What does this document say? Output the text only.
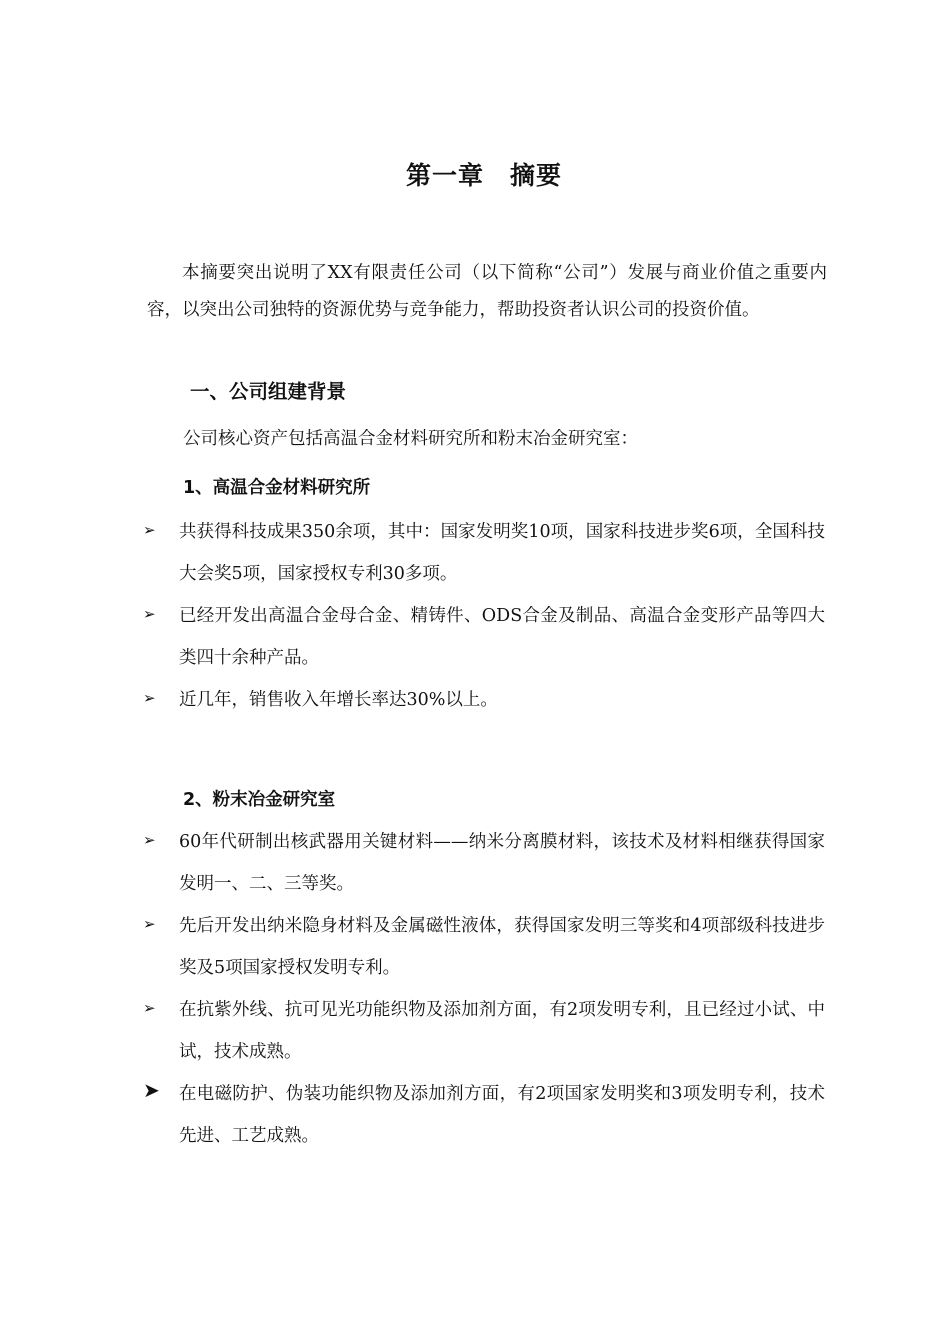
第一章　摘要
本摘要突出说明了XX有限责任公司（以下简称“公司”）发展与商业价值之重要内容，以突出公司独特的资源优势与竞争能力，帮助投资者认识公司的投资价值。
一、公司组建背景
公司核心资产包括高温合金材料研究所和粉末冶金研究室：
1、高温合金材料研究所
➢ 共获得科技成果350余项，其中：国家发明奖10项，国家科技进步奖6项，全国科技大会奖5项，国家授权专利30多项。
➢ 已经开发出高温合金母合金、精铸件、ODS合金及制品、高温合金变形产品等四大类四十余种产品。
➢ 近几年，销售收入年增长率达30%以上。
2、粉末冶金研究室
➢ 60年代研制出核武器用关键材料——纳米分离膜材料，该技术及材料相继获得国家发明一、二、三等奖。
➢ 先后开发出纳米隐身材料及金属磁性液体，获得国家发明三等奖和4项部级科技进步奖及5项国家授权发明专利。
➢ 在抗紫外线、抗可见光功能织物及添加剂方面，有2项发明专利，且已经过小试、中试，技术成熟。
➤ 在电磁防护、伪装功能织物及添加剂方面，有2项国家发明奖和3项发明专利，技术先进、工艺成熟。
